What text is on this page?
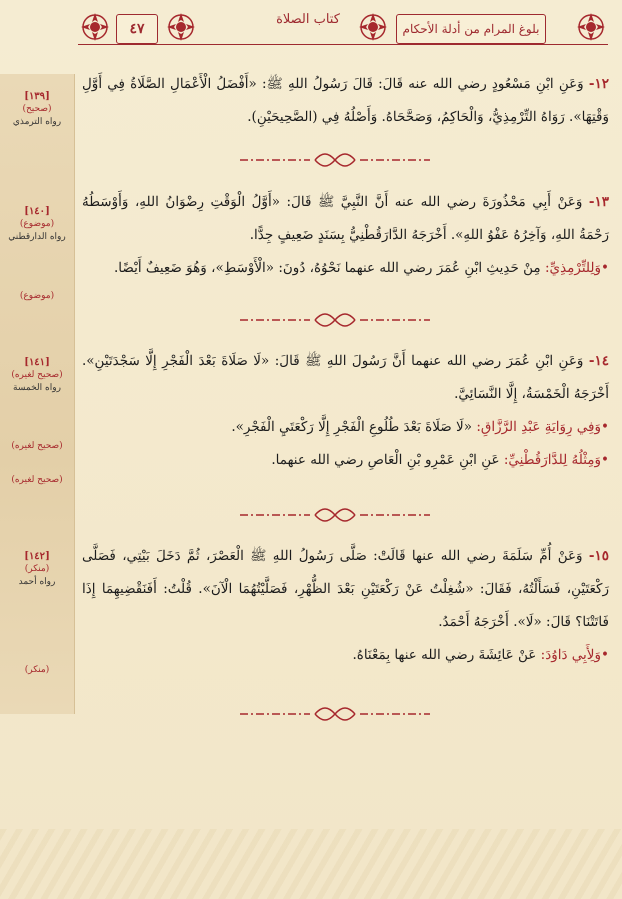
بلوغ المرام من أدلة الأحكام
كتاب الصلاة
٤٧
[١٣٩]
(صحيح)
رواه الترمذي
[١٤٠]
(موضوع)
رواه الدارقطني
(موضوع)
[١٤١]
(صحيح لغيره)
رواه الخمسة
(صحيح لغيره)
(صحيح لغيره)
[١٤٢]
(منكر)
رواه أحمد
(منكر)

١٢- وَعَنِ ابْنِ مَسْعُودٍ رضي الله عنه قَالَ: قَالَ رَسُولُ اللهِ ﷺ: «أَفْضَلُ الْأَعْمَالِ الصَّلَاةُ فِي أَوَّلِ وَقْتِهَا». رَوَاهُ التِّرْمِذِيُّ، وَالْحَاكِمُ، وَصَحَّحَاهُ. وَأَصْلُهُ فِي (الصَّحِيحَيْنِ).

١٣- وَعَنْ أَبِي مَحْذُورَةَ رضي الله عنه أَنَّ النَّبِيَّ ﷺ قَالَ: «أَوَّلُ الْوَقْتِ رِضْوَانُ اللهِ، وَأَوْسَطُهُ رَحْمَةُ اللهِ، وَآخِرُهُ عَفْوُ اللهِ». أَخْرَجَهُ الدَّارَقُطْنِيُّ بِسَنَدٍ ضَعِيفٍ جِدًّا.

•وَلِلتِّرْمِذِيِّ: مِنْ حَدِيثِ ابْنِ عُمَرَ رضي الله عنهما نَحْوُهُ، دُونَ: «الْأَوْسَطِ»، وَهُوَ ضَعِيفٌ أَيْضًا.

١٤- وَعَنِ ابْنِ عُمَرَ رضي الله عنهما أَنَّ رَسُولَ اللهِ ﷺ قَالَ: «لَا صَلَاةَ بَعْدَ الْفَجْرِ إِلَّا سَجْدَتَيْنِ». أَخْرَجَهُ الْخَمْسَةُ، إِلَّا النَّسَائِيَّ.

•وَفِي رِوَايَةِ عَبْدِ الرَّزَّاقِ: «لَا صَلَاةَ بَعْدَ طُلُوعِ الْفَجْرِ إِلَّا رَكْعَتَيِ الْفَجْرِ».

•وَمِثْلُهُ لِلدَّارَقُطْنِيِّ: عَنِ ابْنِ عَمْرِو بْنِ الْعَاصِ رضي الله عنهما.

١٥- وَعَنْ أُمِّ سَلَمَةَ رضي الله عنها قَالَتْ: صَلَّى رَسُولُ اللهِ ﷺ الْعَصْرَ، ثُمَّ دَخَلَ بَيْتِي، فَصَلَّى رَكْعَتَيْنِ، فَسَأَلْتُهُ، فَقَالَ: «شُغِلْتُ عَنْ رَكْعَتَيْنِ بَعْدَ الظُّهْرِ، فَصَلَّيْتُهُمَا الْآنَ». قُلْتُ: أَفَنَقْضِيهِمَا إِذَا فَاتَتْنَا؟ قَالَ: «لَا». أَخْرَجَهُ أَحْمَدُ.

•وَلِأَبِي دَاوُدَ: عَنْ عَائِشَةَ رضي الله عنها بِمَعْنَاهُ.
